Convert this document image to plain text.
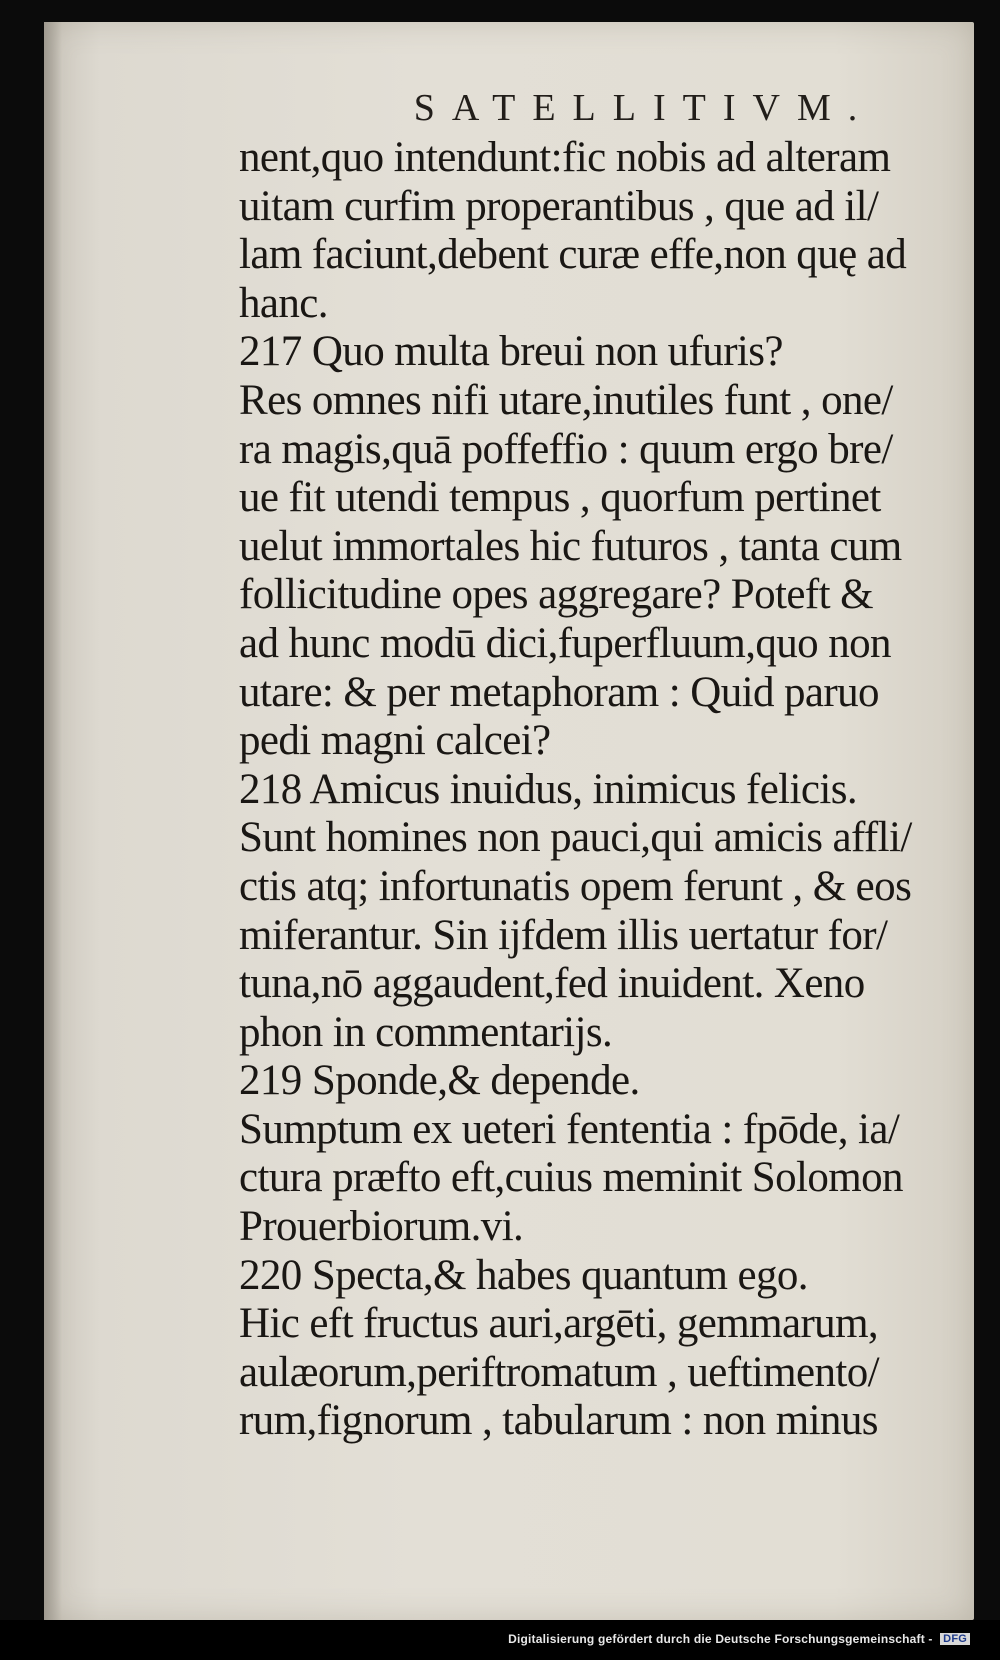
SATELLITIVM.
nent,quo intendunt:fic nobis ad alteram
uitam curfim properantibus , que ad il/
lam faciunt,debent curæ effe,non quę ad
hanc.
217 Quo multa breui non ufuris?
Res omnes nifi utare,inutiles funt , one/
ra magis,quā poffeffio : quum ergo bre/
ue fit utendi tempus , quorfum pertinet
uelut immortales hic futuros , tanta cum
follicitudine opes aggregare? Poteft &
ad hunc modū dici,fuperfluum,quo non
utare: & per metaphoram : Quid paruo
pedi magni calcei?
218 Amicus inuidus, inimicus felicis.
Sunt homines non pauci,qui amicis affli/
ctis atq; infortunatis opem ferunt , & eos
miferantur. Sin ijfdem illis uertatur for/
tuna,nō aggaudent,fed inuident. Xeno
phon in commentarijs.
219 Sponde,& depende.
Sumptum ex ueteri fententia : fpōde, ia/
ctura præfto eft,cuius meminit Solomon
Prouerbiorum.vi.
220 Specta,& habes quantum ego.
Hic eft fructus auri,argēti, gemmarum,
aulæorum,periftromatum , ueftimento/
rum,fignorum , tabularum : non minus
Digitalisierung gefördert durch die Deutsche Forschungsgemeinschaft - DFG
